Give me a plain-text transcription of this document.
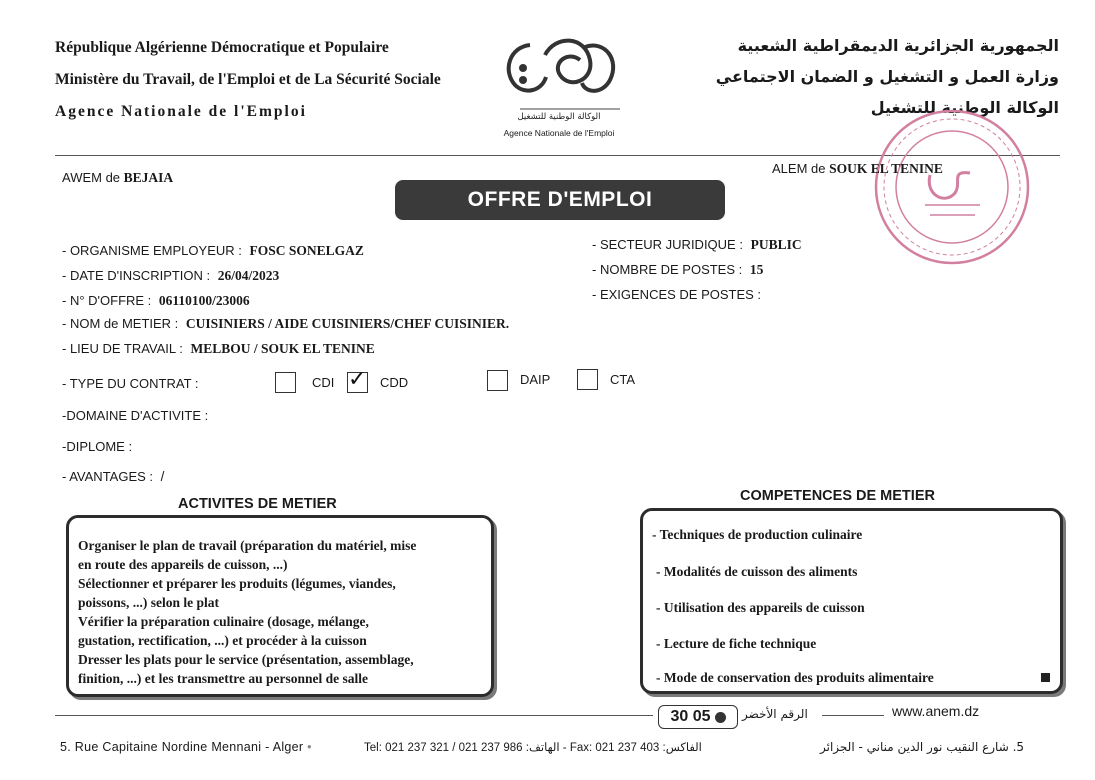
République Algérienne Démocratique et Populaire
Ministère du Travail, de l'Emploi et de La Sécurité Sociale
Agence Nationale de l'Emploi	الوكالة الوطنية للتشغيل
Agence Nationale de l'Emploi
الجمهورية الجزائرية الديمقراطية الشعبية
وزارة العمل و التشغيل و الضمان الاجتماعي
الوكالة الوطنية للتشغيل
AWEM de BEJAIA
ALEM de SOUK EL TENINE
OFFRE D'EMPLOI
- ORGANISME EMPLOYEUR : FOSC SONELGAZ
- DATE D'INSCRIPTION : 26/04/2023
- N° D'OFFRE : 06110100/23006
- NOM de METIER : CUISINIERS / AIDE CUISINIERS/CHEF CUISINIER.
- LIEU DE TRAVAIL : MELBOU / SOUK EL TENINE
- SECTEUR JURIDIQUE : PUBLIC
- NOMBRE DE POSTES : 15
- EXIGENCES DE POSTES :
- TYPE DU CONTRAT :	CDI ✓ CDD	DAIP	CTA
-DOMAINE D'ACTIVITE :
-DIPLOME :
- AVANTAGES : /
ACTIVITES DE METIER	COMPETENCES DE METIER
Organiser le plan de travail (préparation du matériel, mise
en route des appareils de cuisson, ...)
Sélectionner et préparer les produits (légumes, viandes,
poissons, ...) selon le plat
Vérifier la préparation culinaire (dosage, mélange,
gustation, rectification, ...) et procéder à la cuisson
Dresser les plats pour le service (présentation, assemblage,
finition, ...) et les transmettre au personnel de salle
- Techniques de production culinaire
- Modalités de cuisson des aliments
- Utilisation des appareils de cuisson
- Lecture de fiche technique
- Mode de conservation des produits alimentaire
30 05	الرقم الأخضر	www.anem.dz
5. Rue Capitaine Nordine Mennani - Alger •	Tel: 021 237 321 / 021 237 986 :الهاتف - Fax: 021 237 403 :الفاكس	5. شارع النقيب نور الدين مناني - الجزائر
